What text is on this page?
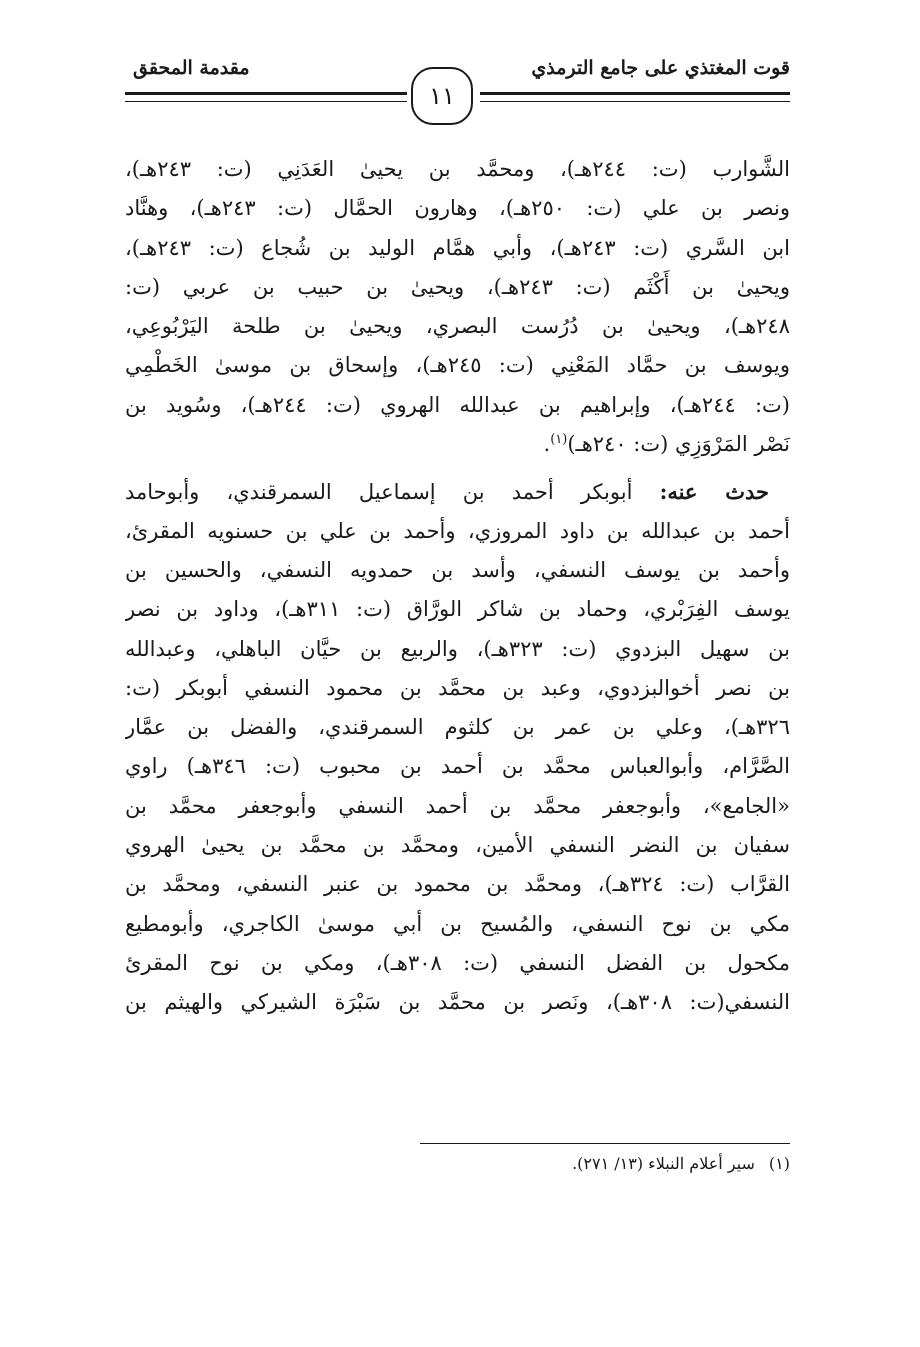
قوت المغتذي على جامع الترمذي
مقدمة المحقق
١١
الشَّوارب (ت: ٢٤٤هـ)، ومحمَّد بن يحيىٰ العَدَنِي (ت: ٢٤٣هـ)،
ونصر بن علي (ت: ٢٥٠هـ)، وهارون الحمَّال (ت: ٢٤٣هـ)، وهنَّاد
ابن السَّري (ت: ٢٤٣هـ)، وأبي همَّام الوليد بن شُجاع (ت: ٢٤٣هـ)،
ويحيىٰ بن أَكْثَم (ت: ٢٤٣هـ)، ويحيىٰ بن حبيب بن عربي (ت:
٢٤٨هـ)، ويحيىٰ بن دُرُست البصري، ويحيىٰ بن طلحة اليَرْبُوعِي،
ويوسف بن حمَّاد المَعْنِي (ت: ٢٤٥هـ)، وإسحاق بن موسىٰ الخَطْمِي
(ت: ٢٤٤هـ)، وإبراهيم بن عبدالله الهروي (ت: ٢٤٤هـ)، وسُويد بن
نَصْر المَرْوَزِي (ت: ٢٤٠هـ)$^{(١)}$.
 حدث عنه: أبوبكر أحمد بن إسماعيل السمرقندي، وأبوحامد
أحمد بن عبدالله بن داود المروزي، وأحمد بن علي بن حسنويه المقرئ،
وأحمد بن يوسف النسفي، وأسد بن حمدويه النسفي، والحسين بن
يوسف الفِرَبْري، وحماد بن شاكر الورَّاق (ت: ٣١١هـ)، وداود بن نصر
بن سهيل البزدوي (ت: ٣٢٣هـ)، والربيع بن حيَّان الباهلي، وعبدالله
بن نصر أخوالبزدوي، وعبد بن محمَّد بن محمود النسفي أبوبكر (ت:
٣٢٦هـ)، وعلي بن عمر بن كلثوم السمرقندي، والفضل بن عمَّار
الصَّرَّام، وأبوالعباس محمَّد بن أحمد بن محبوب (ت: ٣٤٦هـ) راوي
«الجامع»، وأبوجعفر محمَّد بن أحمد النسفي وأبوجعفر محمَّد بن
سفيان بن النضر النسفي الأمين، ومحمَّد بن محمَّد بن يحيىٰ الهروي
القرَّاب (ت: ٣٢٤هـ)، ومحمَّد بن محمود بن عنبر النسفي، ومحمَّد بن
مكي بن نوح النسفي، والمُسيح بن أبي موسىٰ الكاجري، وأبومطيع
مكحول بن الفضل النسفي (ت: ٣٠٨هـ)، ومكي بن نوح المقرئ
النسفي(ت: ٣٠٨هـ)، ونَصر بن محمَّد بن سَبْرَة الشيركي والهيثم بن
(١)سير أعلام النبلاء (١٣/ ٢٧١).
